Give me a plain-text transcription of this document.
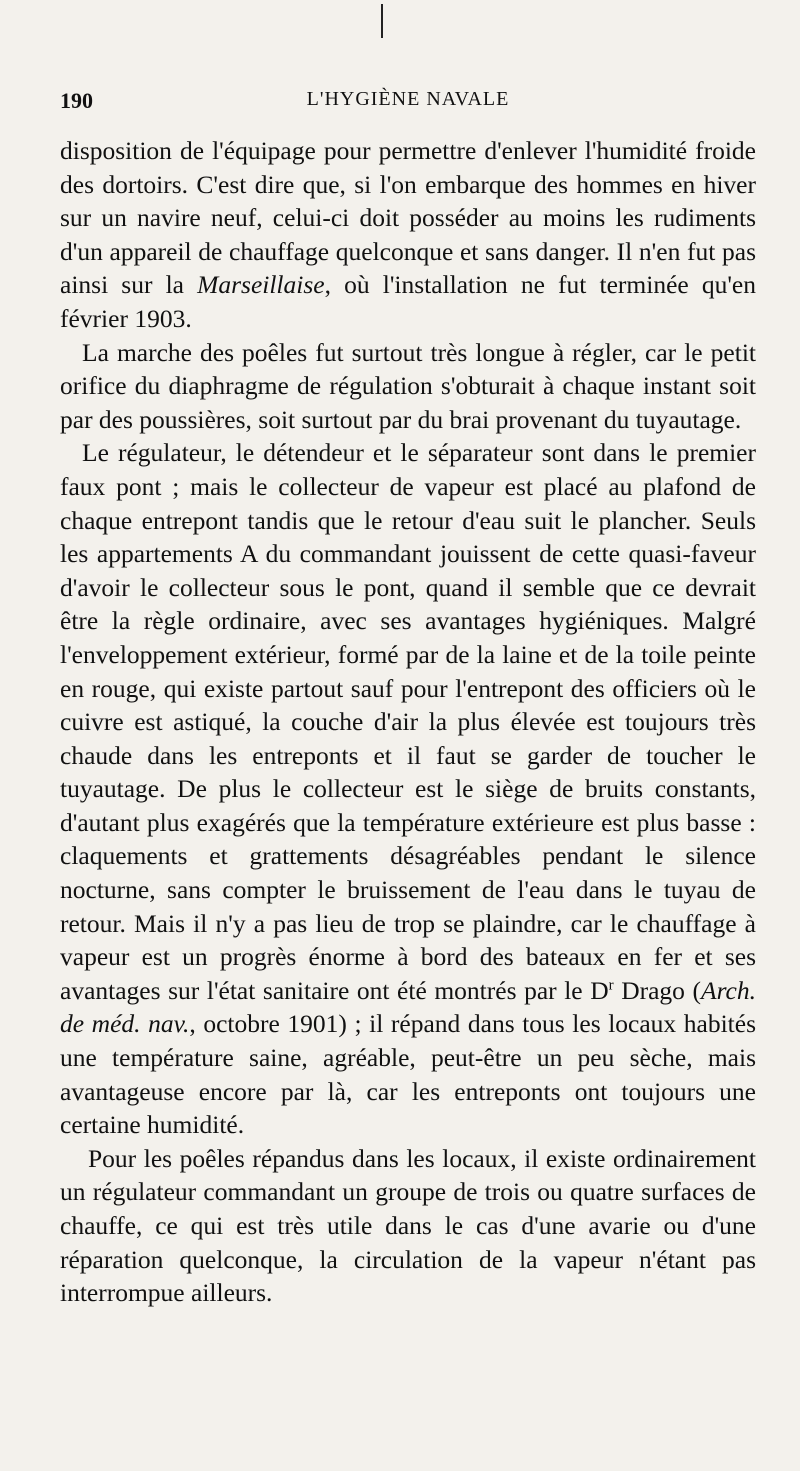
190	L'HYGIÈNE NAVALE

disposition de l'équipage pour permettre d'enlever l'humidité froide des dortoirs. C'est dire que, si l'on embarque des hommes en hiver sur un navire neuf, celui-ci doit posséder au moins les rudiments d'un appareil de chauffage quelconque et sans danger. Il n'en fut pas ainsi sur la Marseillaise, où l'installation ne fut terminée qu'en février 1903.

La marche des poêles fut surtout très longue à régler, car le petit orifice du diaphragme de régulation s'obturait à chaque instant soit par des poussières, soit surtout par du brai provenant du tuyautage.

Le régulateur, le détendeur et le séparateur sont dans le premier faux pont ; mais le collecteur de vapeur est placé au plafond de chaque entrepont tandis que le retour d'eau suit le plancher. Seuls les appartements A du commandant jouissent de cette quasi-faveur d'avoir le collecteur sous le pont, quand il semble que ce devrait être la règle ordinaire, avec ses avantages hygiéniques. Malgré l'enveloppement extérieur, formé par de la laine et de la toile peinte en rouge, qui existe partout sauf pour l'entrepont des officiers où le cuivre est astiqué, la couche d'air la plus élevée est toujours très chaude dans les entreponts et il faut se garder de toucher le tuyautage. De plus le collecteur est le siège de bruits constants, d'autant plus exagérés que la température extérieure est plus basse : claquements et grattements désagréables pendant le silence nocturne, sans compter le bruissement de l'eau dans le tuyau de retour. Mais il n'y a pas lieu de trop se plaindre, car le chauffage à vapeur est un progrès énorme à bord des bateaux en fer et ses avantages sur l'état sanitaire ont été montrés par le $D^r$ Drago (Arch. de méd. nav., octobre 1901) ; il répand dans tous les locaux habités une température saine, agréable, peut-être un peu sèche, mais avantageuse encore par là, car les entreponts ont toujours une certaine humidité.

Pour les poêles répandus dans les locaux, il existe ordinairement un régulateur commandant un groupe de trois ou quatre surfaces de chauffe, ce qui est très utile dans le cas d'une avarie ou d'une réparation quelconque, la circulation de la vapeur n'étant pas interrompue ailleurs.
